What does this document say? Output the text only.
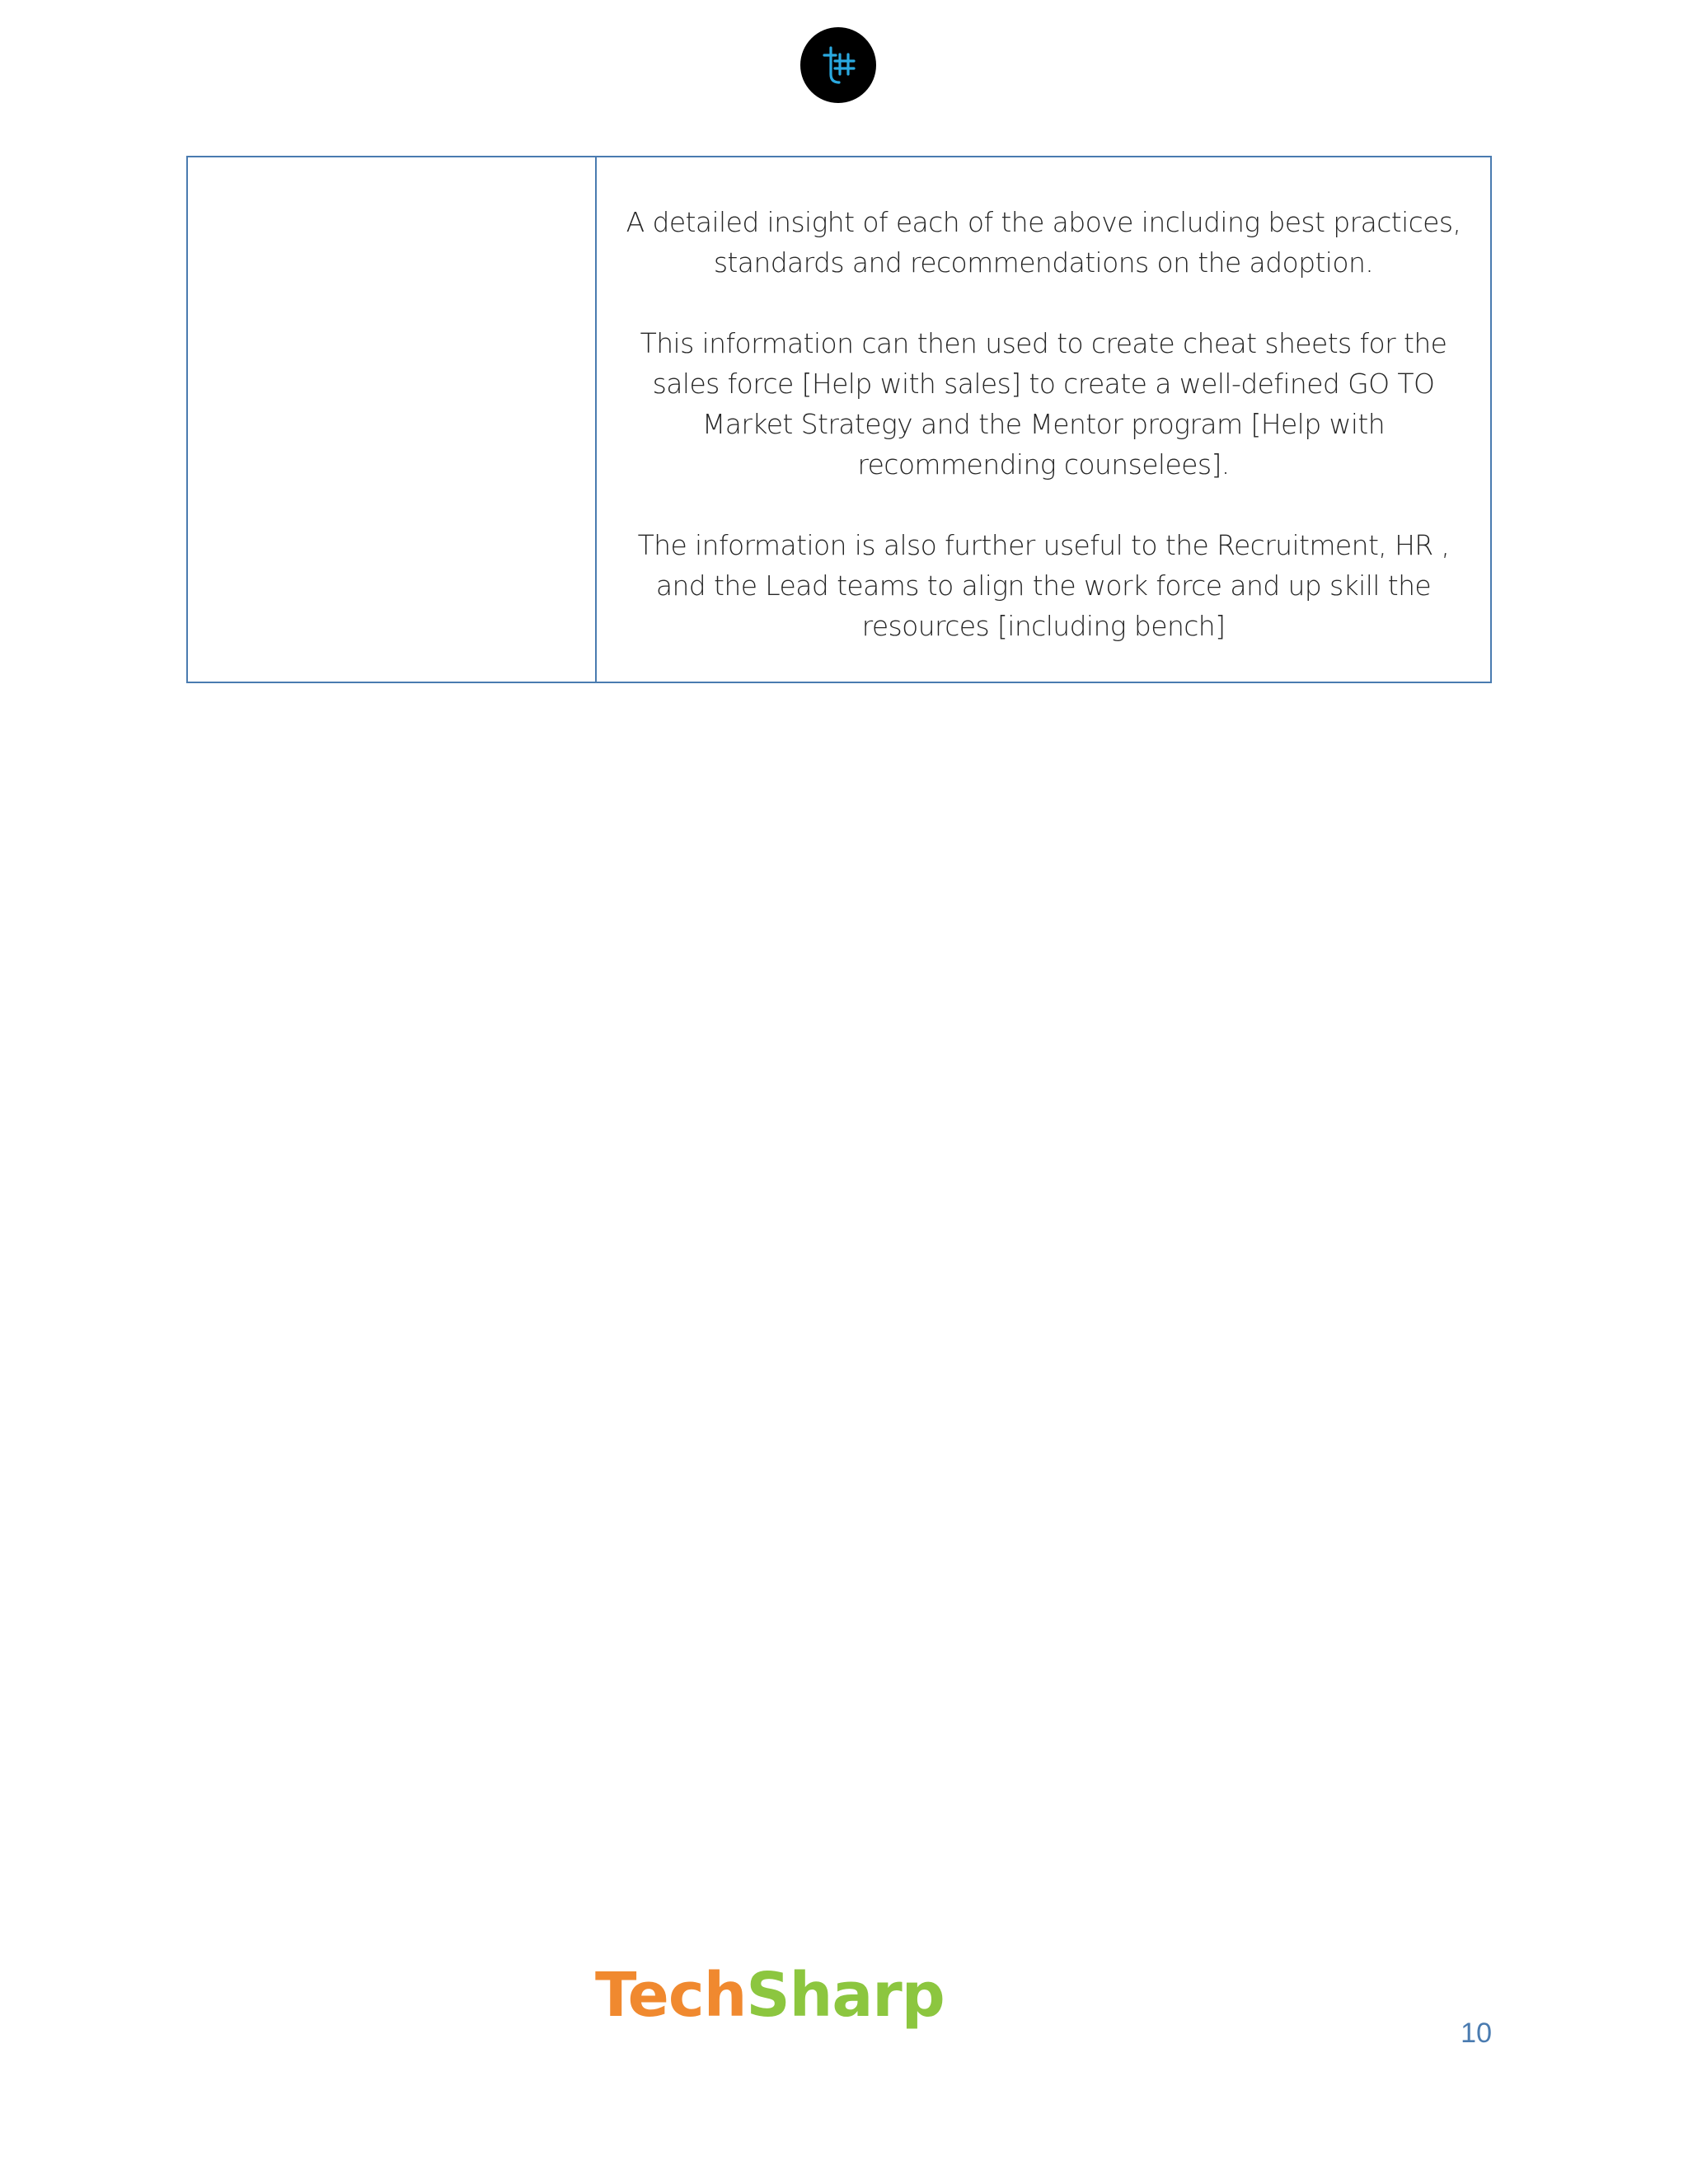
A detailed insight of each of the above including best practices, standards and recommendations on the adoption.

This information can then used to create cheat sheets for the sales force [Help with sales] to create a well-defined GO TO Market Strategy and the Mentor program [Help with recommending counselees].

The information is also further useful to the Recruitment, HR , and the Lead teams to align the work force and up skill the resources [including bench]

TechSharp
10
